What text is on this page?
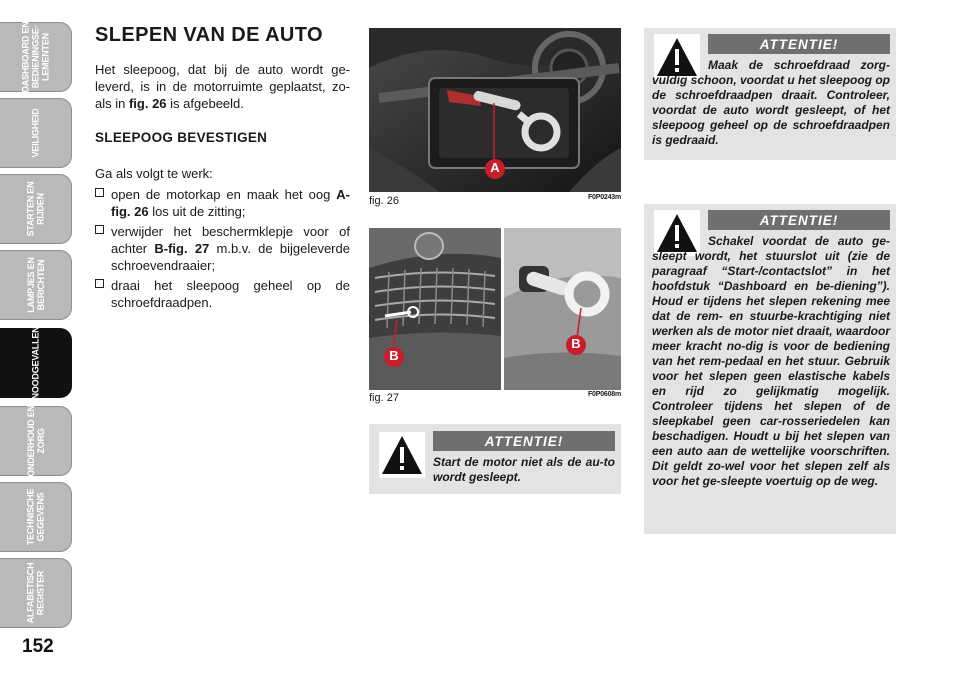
DASHBOARD EN
BEDIENINGSE-
LEMENTEN
VEILIGHEID
STARTEN EN
RIJDEN
LAMPJES EN
BERICHTEN
NOODGEVALLEN
ONDERHOUD EN
ZORG
TECHNISCHE
GEGEVENS
ALFABETISCH
REGISTER
152
SLEPEN VAN DE AUTO

Het sleepoog, dat bij de auto wordt ge-leverd, is in de motorruimte geplaatst, zo-als in fig. 26 is afgebeeld.

SLEEPOOG BEVESTIGEN

Ga als volgt te werk:

open de motorkap en maak het oog A-fig. 26 los uit de zitting;
verwijder het beschermklepje voor of achter B-fig. 27 m.b.v. de bijgeleverde schroevendraaier;
draai het sleepoog geheel op de schroefdraadpen.
A
fig. 26	F0P0243m
B
B
fig. 27	F0P0608m
ATTENTIE!
Start de motor niet als de au-to wordt gesleept.
ATTENTIE!
Maak de schroefdraad zorg-vuldig schoon, voordat u het sleepoog op de schroefdraadpen draait. Controleer, voordat de auto wordt gesleept, of het sleepoog geheel op de schroefdraadpen is gedraaid.
ATTENTIE!
Schakel voordat de auto ge-sleept wordt, het stuurslot uit (zie de paragraaf “Start-/contactslot” in het hoofdstuk “Dashboard en be-diening”). Houd er tijdens het slepen rekening mee dat de rem- en stuurbe-krachtiging niet werken als de motor niet draait, waardoor meer kracht no-dig is voor de bediening van het rem-pedaal en het stuur. Gebruik voor het slepen geen elastische kabels en rijd zo gelijkmatig mogelijk. Controleer tijdens het slepen of de sleepkabel geen car-rosseriedelen kan beschadigen. Houdt u bij het slepen van een auto aan de wettelijke voorschriften. Dit geldt zo-wel voor het slepen zelf als voor het ge-sleepte voertuig op de weg.
